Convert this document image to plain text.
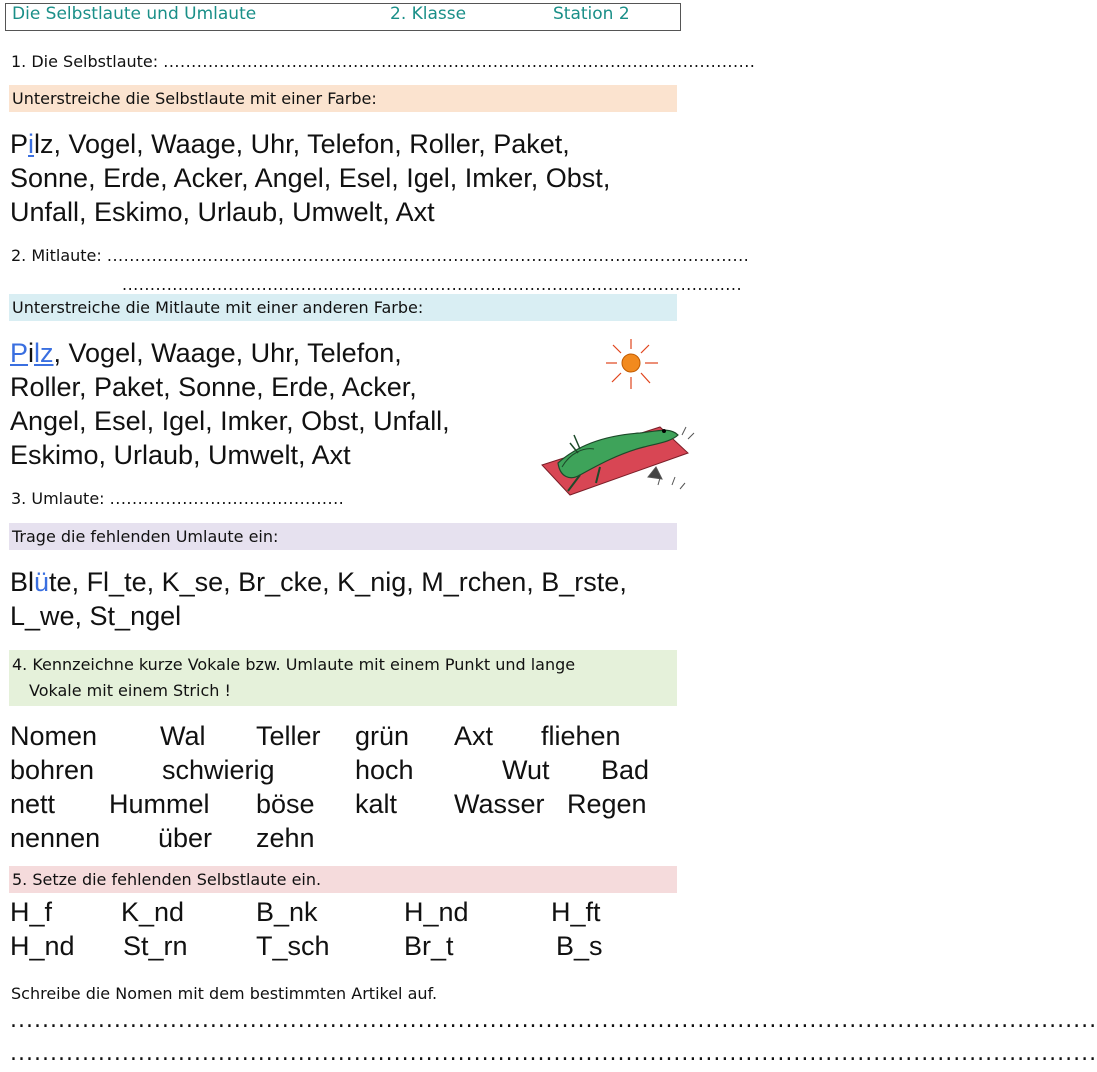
Die Selbstlaute und Umlaute	2. Klasse	Station 2
1. Die Selbstlaute: ..........................................................................................................
Unterstreiche die Selbstlaute mit einer Farbe:
Pilz, Vogel, Waage, Uhr, Telefon, Roller, Paket,
Sonne, Erde, Acker, Angel, Esel, Igel, Imker, Obst,
Unfall, Eskimo, Urlaub, Umwelt, Axt
2. Mitlaute: ...................................................................................................................
...............................................................................................................
Unterstreiche die Mitlaute mit einer anderen Farbe:
Pilz, Vogel, Waage, Uhr, Telefon,
Roller, Paket, Sonne, Erde, Acker,
Angel, Esel, Igel, Imker, Obst, Unfall,
Eskimo, Urlaub, Umwelt, Axt
3. Umlaute: ..........................................
Trage die fehlenden Umlaute ein:
Blüte, Fl_te, K_se, Br_cke, K_nig, M_rchen, B_rste,
L_we, St_ngel
4. Kennzeichne kurze Vokale bzw. Umlaute mit einem Punkt und lange
Vokale mit einem Strich !
Nomen Wal Teller grün Axt fliehen
bohren	schwierig	hoch	Wut Bad
nett Hummel böse kalt Wasser Regen
nennen über zehn
5. Setze die fehlenden Selbstlaute ein.
H_f	K_nd	B_nk	H_nd	H_ft
H_nd St_rn	T_sch	Br_t	B_s
Schreibe die Nomen mit dem bestimmten Artikel auf.
........................................................................................................................................
........................................................................................................................................
